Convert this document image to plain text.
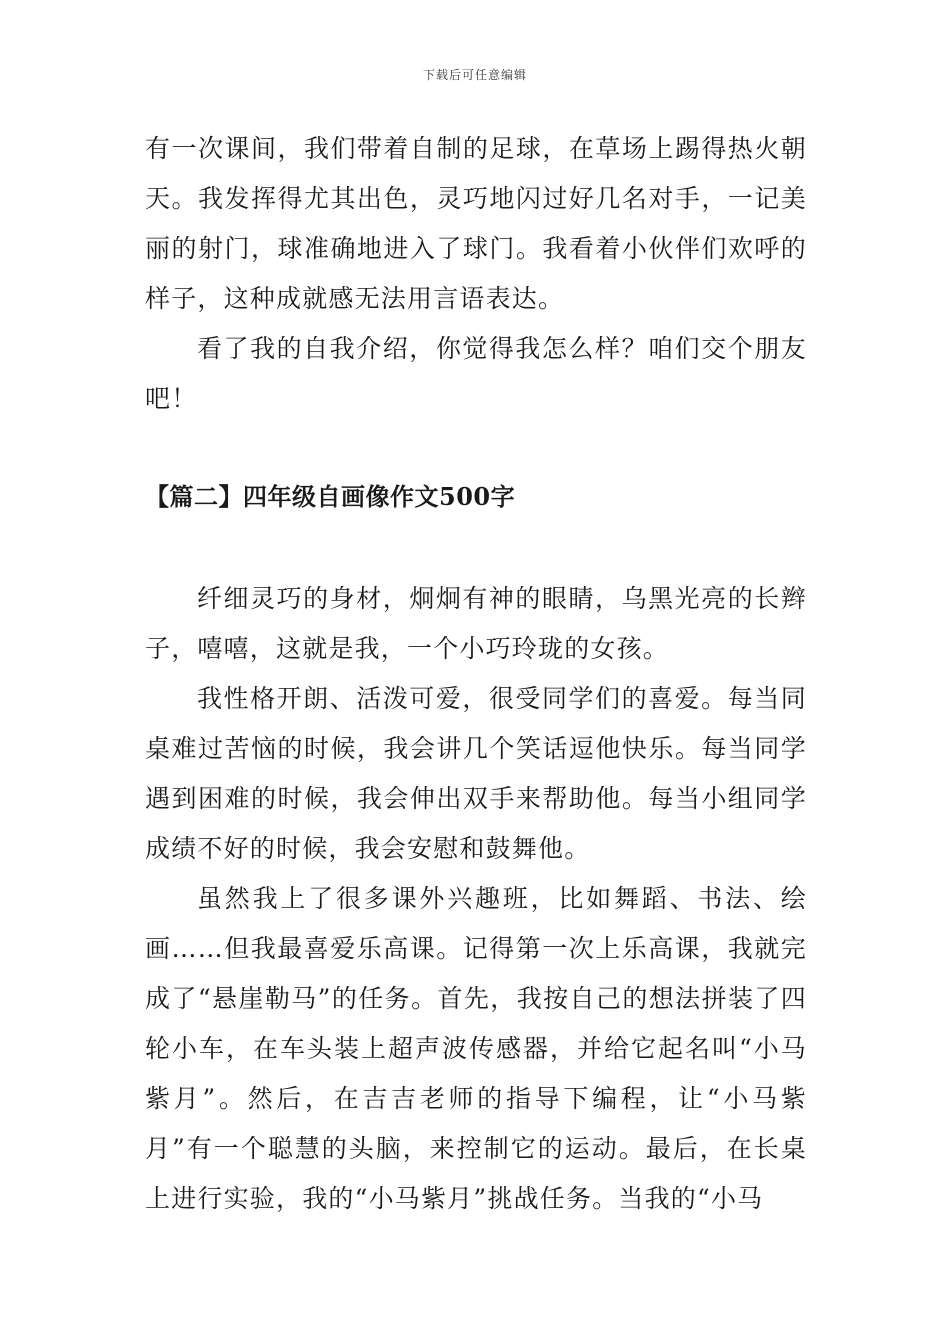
下载后可任意编辑

有一次课间，我们带着自制的足球，在草场上踢得热火朝天。我发挥得尤其出色，灵巧地闪过好几名对手，一记美丽的射门，球准确地进入了球门。我看着小伙伴们欢呼的样子，这种成就感无法用言语表达。

看了我的自我介绍，你觉得我怎么样？咱们交个朋友吧！

【篇二】四年级自画像作文500字

纤细灵巧的身材，炯炯有神的眼睛，乌黑光亮的长辫子，嘻嘻，这就是我，一个小巧玲珑的女孩。

我性格开朗、活泼可爱，很受同学们的喜爱。每当同桌难过苦恼的时候，我会讲几个笑话逗他快乐。每当同学遇到困难的时候，我会伸出双手来帮助他。每当小组同学成绩不好的时候，我会安慰和鼓舞他。

虽然我上了很多课外兴趣班，比如舞蹈、书法、绘画……但我最喜爱乐高课。记得第一次上乐高课，我就完成了“悬崖勒马”的任务。首先，我按自己的想法拼装了四轮小车，在车头装上超声波传感器，并给它起名叫“小马紫月”。然后，在吉吉老师的指导下编程，让“小马紫月”有一个聪慧的头脑，来控制它的运动。最后，在长桌上进行实验，我的“小马紫月”挑战任务。当我的“小马
